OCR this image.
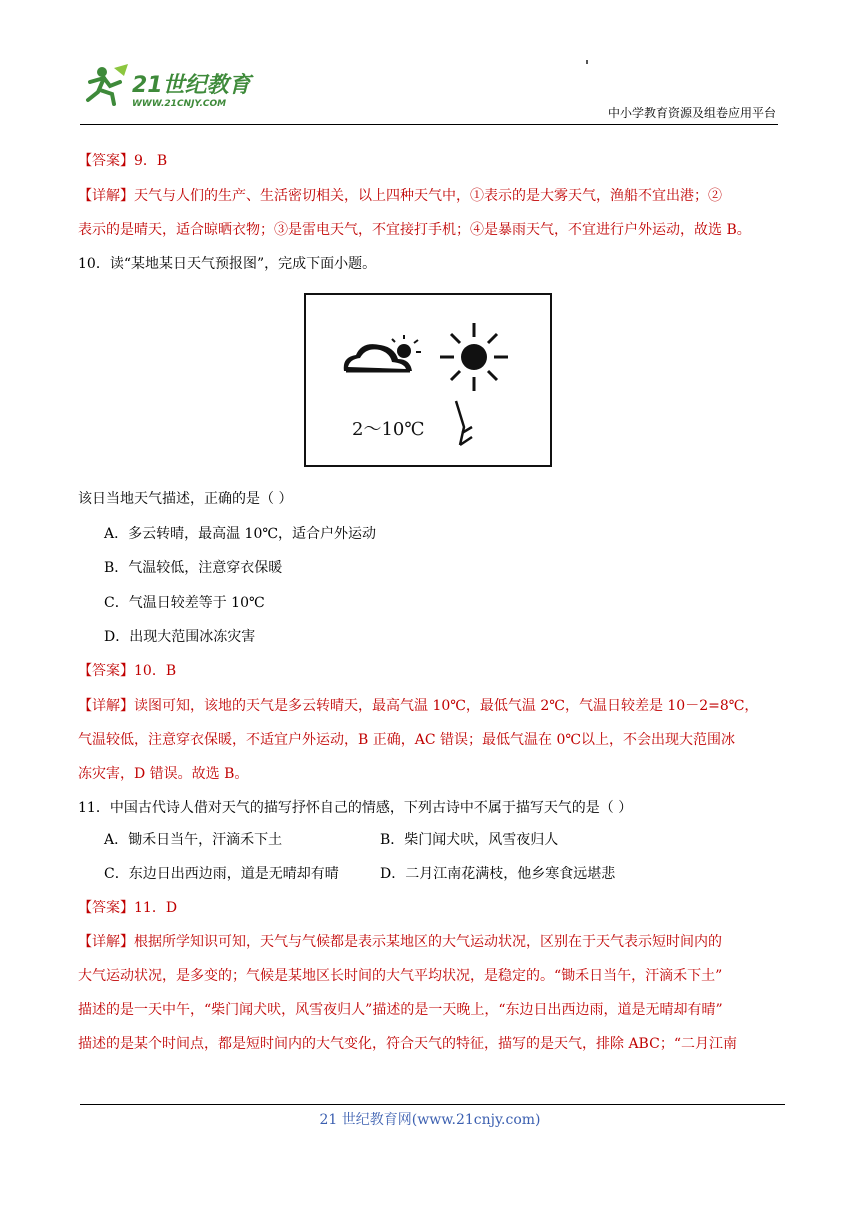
21世纪教育
WWW.21CNJY.COM
中小学教育资源及组卷应用平台
【答案】9．B
【详解】天气与人们的生产、生活密切相关，以上四种天气中，①表示的是大雾天气，渔船不宜出港；②
表示的是晴天，适合晾晒衣物；③是雷电天气，不宜接打手机；④是暴雨天气，不宜进行户外运动，故选 B。
10．读“某地某日天气预报图”，完成下面小题。
2～10℃
该日当地天气描述，正确的是（ ）
A．多云转晴，最高温 10℃，适合户外运动
B．气温较低，注意穿衣保暖
C．气温日较差等于 10℃
D．出现大范围冰冻灾害
【答案】10．B
【详解】读图可知，该地的天气是多云转晴天，最高气温 10℃，最低气温 2℃，气温日较差是 10－2=8℃，
气温较低，注意穿衣保暖，不适宜户外运动，B 正确，AC 错误；最低气温在 0℃以上，不会出现大范围冰
冻灾害，D 错误。故选 B。
11．中国古代诗人借对天气的描写抒怀自己的情感，下列古诗中不属于描写天气的是（ ）
A．锄禾日当午，汗滴禾下土	B．柴门闻犬吠，风雪夜归人
C．东边日出西边雨，道是无晴却有晴	D．二月江南花满枝，他乡寒食远堪悲
【答案】11．D
【详解】根据所学知识可知，天气与气候都是表示某地区的大气运动状况，区别在于天气表示短时间内的
大气运动状况，是多变的；气候是某地区长时间的大气平均状况，是稳定的。“锄禾日当午，汗滴禾下土”
描述的是一天中午，“柴门闻犬吠，风雪夜归人”描述的是一天晚上，“东边日出西边雨，道是无晴却有晴”
描述的是某个时间点，都是短时间内的大气变化，符合天气的特征，描写的是天气，排除 ABC；“二月江南
21 世纪教育网(www.21cnjy.com)
